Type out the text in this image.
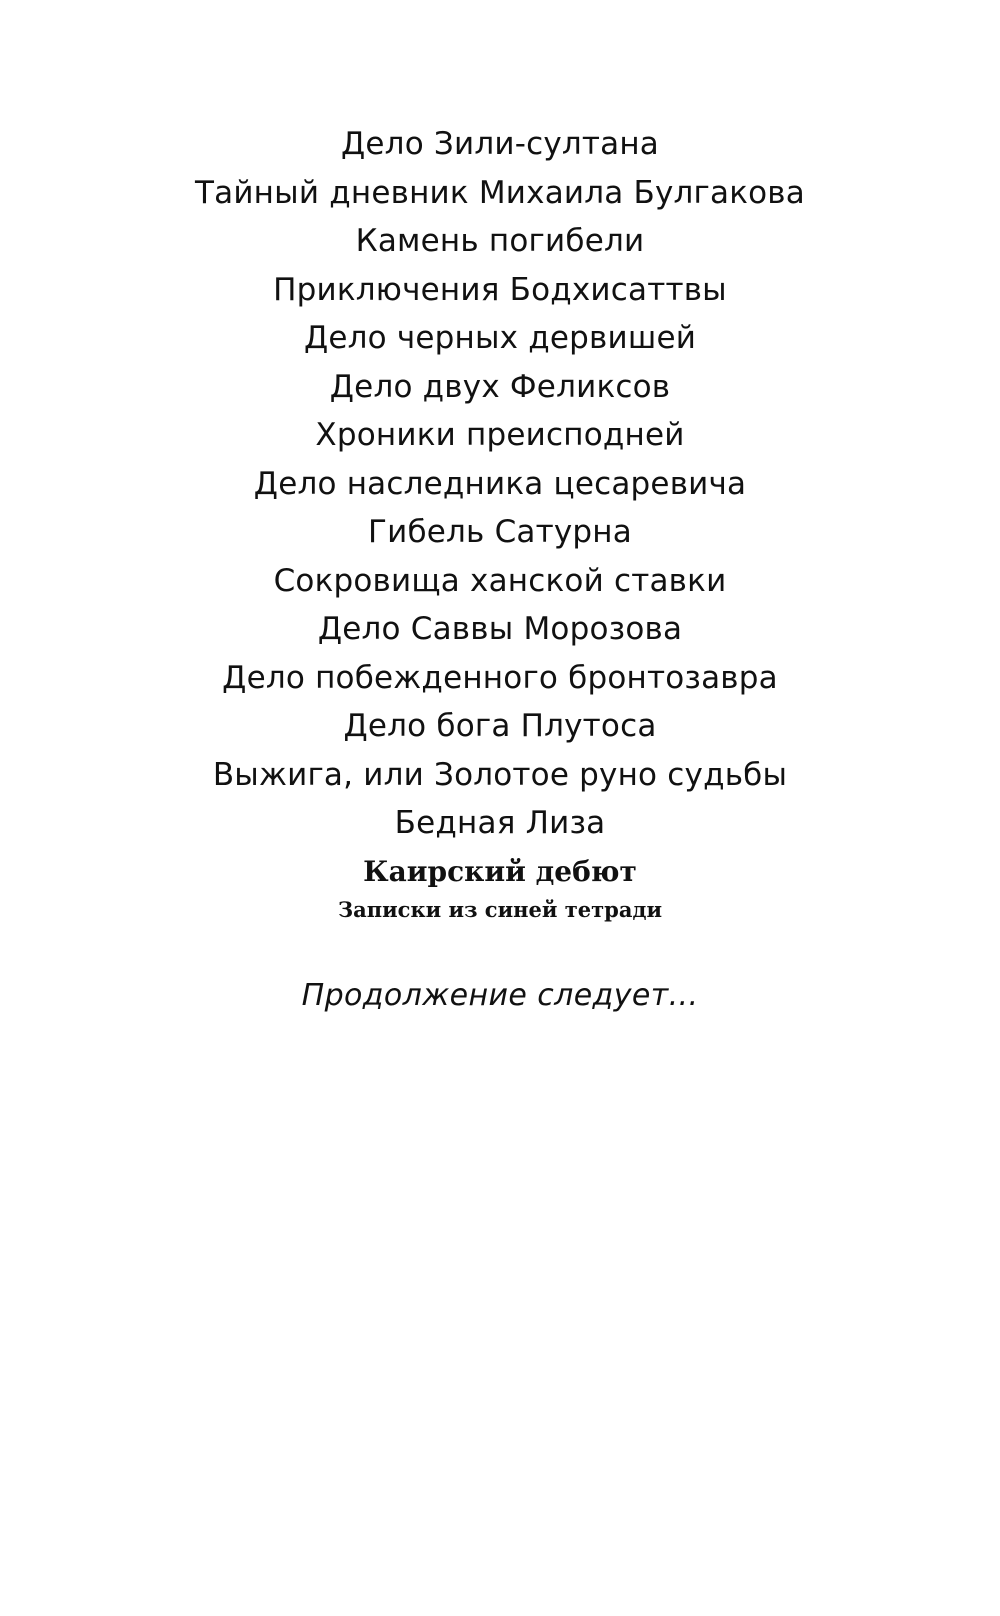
Дело Зили-султана
Тайный дневник Михаила Булгакова
Камень погибели
Приключения Бодхисаттвы
Дело черных дервишей
Дело двух Феликсов
Хроники преисподней
Дело наследника цесаревича
Гибель Сатурна
Сокровища ханской ставки
Дело Саввы Морозова
Дело побежденного бронтозавра
Дело бога Плутоса
Выжига, или Золотое руно судьбы
Бедная Лиза
Каирский дебют
Записки из синей тетради
Продолжение следует...
